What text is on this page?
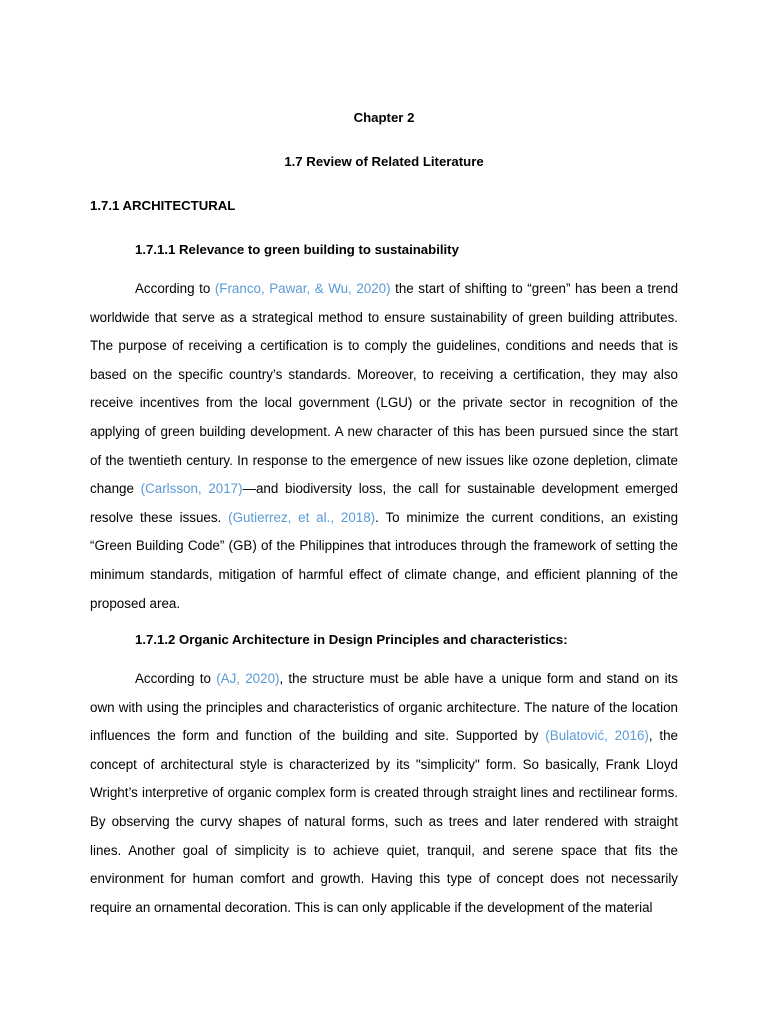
Chapter 2
1.7 Review of Related Literature
1.7.1 ARCHITECTURAL
1.7.1.1 Relevance to green building to sustainability

According to (Franco, Pawar, & Wu, 2020) the start of shifting to “green” has been a trend worldwide that serve as a strategical method to ensure sustainability of green building attributes. The purpose of receiving a certification is to comply the guidelines, conditions and needs that is based on the specific country’s standards. Moreover, to receiving a certification, they may also receive incentives from the local government (LGU) or the private sector in recognition of the applying of green building development. A new character of this has been pursued since the start of the twentieth century. In response to the emergence of new issues like ozone depletion, climate change (Carlsson, 2017)—and biodiversity loss, the call for sustainable development emerged resolve these issues. (Gutierrez, et al., 2018). To minimize the current conditions, an existing “Green Building Code” (GB) of the Philippines that introduces through the framework of setting the minimum standards, mitigation of harmful effect of climate change, and efficient planning of the proposed area.

1.7.1.2 Organic Architecture in Design Principles and characteristics:

According to (AJ, 2020), the structure must be able have a unique form and stand on its own with using the principles and characteristics of organic architecture. The nature of the location influences the form and function of the building and site. Supported by (Bulatović, 2016), the concept of architectural style is characterized by its "simplicity" form. So basically, Frank Lloyd Wright’s interpretive of organic complex form is created through straight lines and rectilinear forms. By observing the curvy shapes of natural forms, such as trees and later rendered with straight lines. Another goal of simplicity is to achieve quiet, tranquil, and serene space that fits the environment for human comfort and growth. Having this type of concept does not necessarily require an ornamental decoration. This is can only applicable if the development of the material
